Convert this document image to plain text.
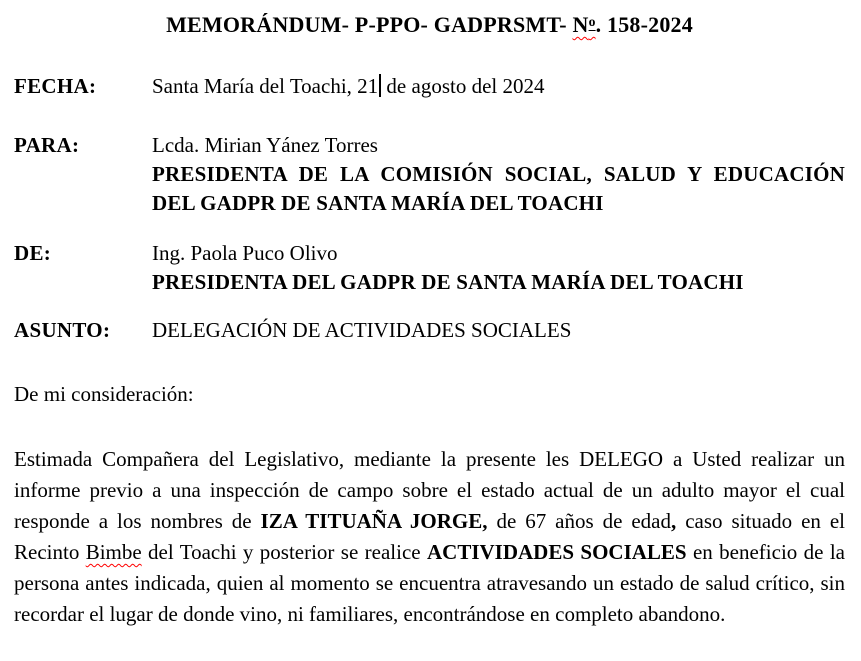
MEMORÁNDUM- P-PPO- GADPRSMT- $N^o$. 158-2024
FECHA:	Santa María del Toachi, 21 de agosto del 2024
PARA:	Lcda. Mirian Yánez Torres
PRESIDENTA DE LA COMISIÓN SOCIAL, SALUD Y EDUCACIÓN DEL GADPR DE SANTA MARÍA DEL TOACHI
DE:	Ing. Paola Puco Olivo
PRESIDENTA DEL GADPR DE SANTA MARÍA DEL TOACHI
ASUNTO:	DELEGACIÓN DE ACTIVIDADES SOCIALES
De mi consideración:

Estimada Compañera del Legislativo, mediante la presente les DELEGO a Usted realizar un informe previo a una inspección de campo sobre el estado actual de un adulto mayor el cual responde a los nombres de IZA TITUAÑA JORGE, de 67 años de edad, caso situado en el Recinto Bimbe del Toachi y posterior se realice ACTIVIDADES SOCIALES en beneficio de la persona antes indicada, quien al momento se encuentra atravesando un estado de salud crítico, sin recordar el lugar de donde vino, ni familiares, encontrándose en completo abandono.
